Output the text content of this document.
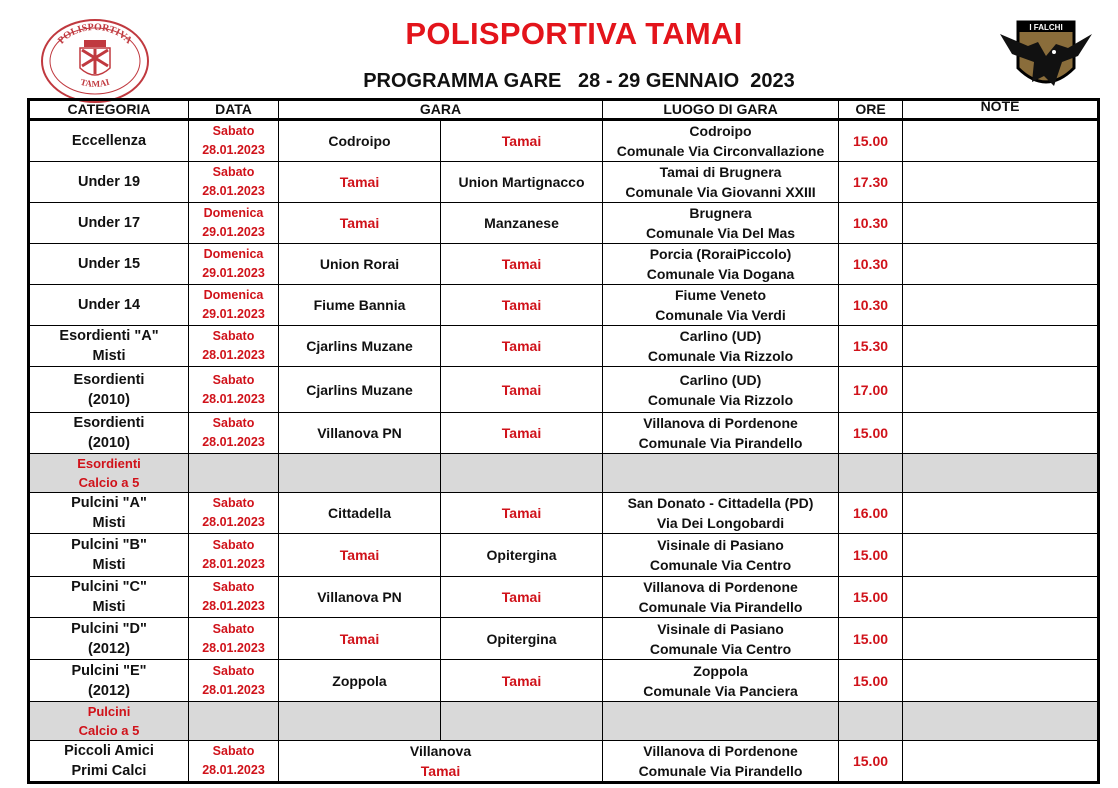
POLISPORTIVA
TAMAI
POLISPORTIVA TAMAI
PROGRAMMA GARE   28 - 29 GENNAIO  2023
I FALCHI
CATEGORIA	DATA	GARA		LUOGO DI GARA	ORE	NOTE

Eccellenza	Sabato
28.01.2023	Codroipo	Tamai	Codroipo
Comunale Via Circonvallazione	15.00	

Under 19	Sabato
28.01.2023	Tamai	Union Martignacco	Tamai di Brugnera
Comunale Via Giovanni XXIII	17.30	

Under 17	Domenica
29.01.2023	Tamai	Manzanese	Brugnera
Comunale Via Del Mas	10.30	

Under 15	Domenica
29.01.2023	Union Rorai	Tamai	Porcia (RoraiPiccolo)
Comunale Via Dogana	10.30	

Under 14	Domenica
29.01.2023	Fiume Bannia	Tamai	Fiume Veneto
Comunale Via Verdi	10.30	

Esordienti "A"
Misti	Sabato
28.01.2023	Cjarlins Muzane	Tamai	Carlino (UD)
Comunale Via Rizzolo	15.30	

Esordienti
(2010)	Sabato
28.01.2023	Cjarlins Muzane	Tamai	Carlino (UD)
Comunale Via Rizzolo	17.00	

Esordienti
(2010)	Sabato
28.01.2023	Villanova PN	Tamai	Villanova di Pordenone
Comunale Via Pirandello	15.00	

Esordienti
Calcio a 5						

Pulcini "A"
Misti	Sabato
28.01.2023	Cittadella	Tamai	San Donato - Cittadella (PD)
Via Dei Longobardi	16.00	

Pulcini "B"
Misti	Sabato
28.01.2023	Tamai	Opitergina	Visinale di Pasiano
Comunale Via Centro	15.00	

Pulcini "C"
Misti	Sabato
28.01.2023	Villanova PN	Tamai	Villanova di Pordenone
Comunale Via Pirandello	15.00	

Pulcini "D"
(2012)	Sabato
28.01.2023	Tamai	Opitergina	Visinale di Pasiano
Comunale Via Centro	15.00	

Pulcini "E"
(2012)	Sabato
28.01.2023	Zoppola	Tamai	Zoppola
Comunale Via Panciera	15.00	

Pulcini
Calcio a 5						

Piccoli Amici
Primi Calci	Sabato
28.01.2023	Villanova
Tamai		Villanova di Pordenone
Comunale Via Pirandello	15.00	
